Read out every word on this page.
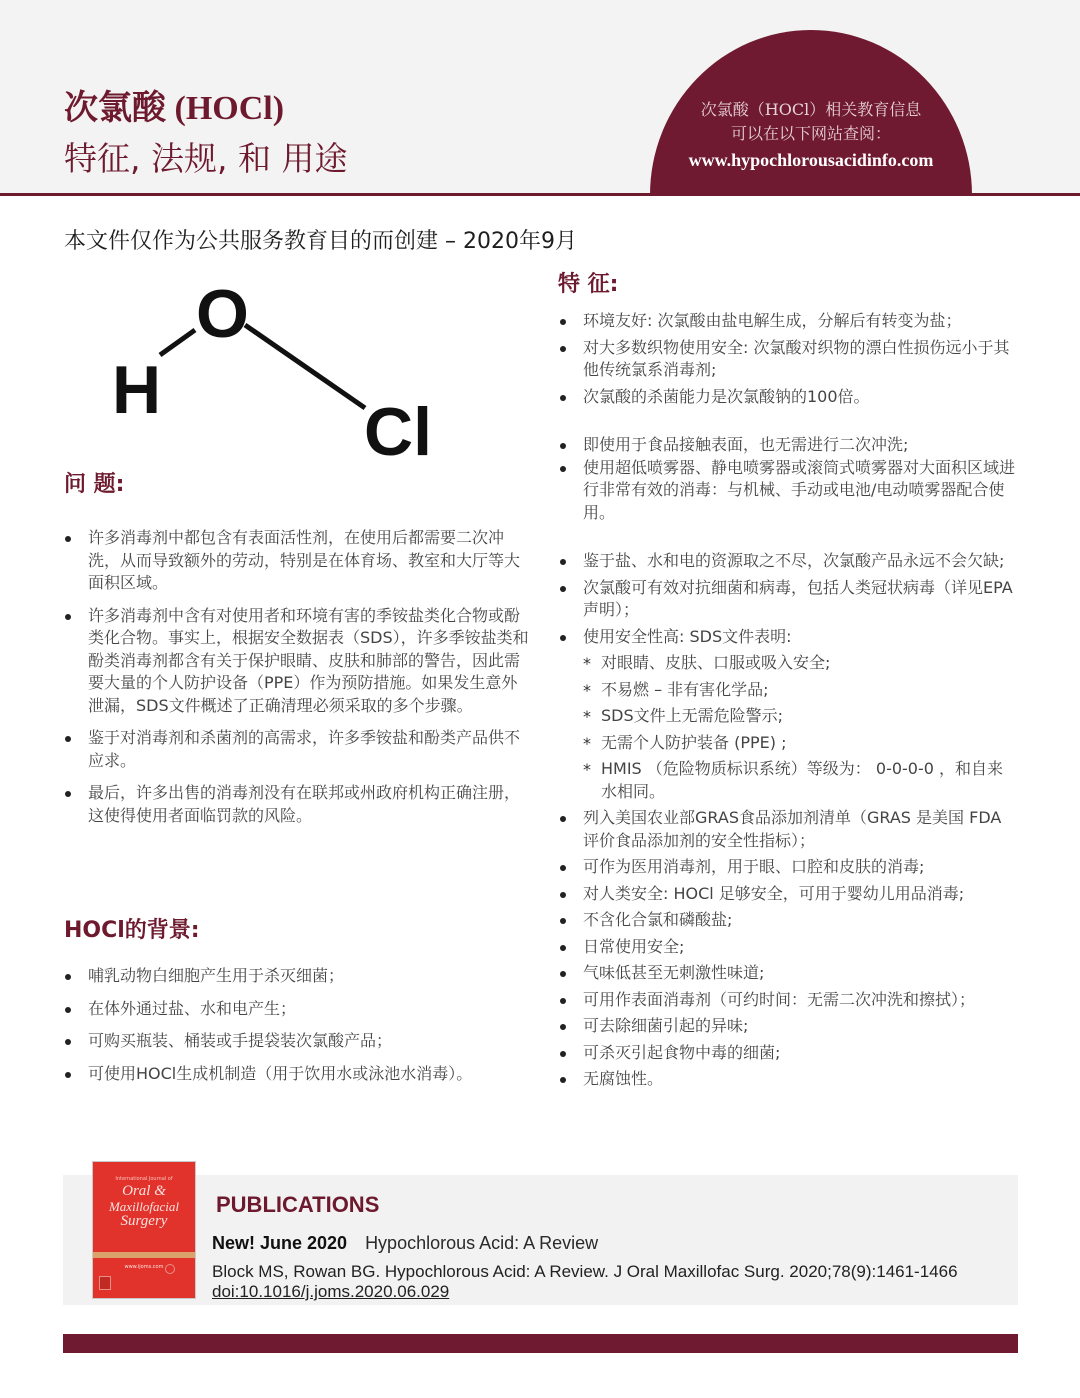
次氯酸 (HOCl)
特征, 法规, 和 用途
次氯酸（HOCl）相关教育信息
可以在以下网站查阅：
www.hypochlorousacidinfo.com
本文件仅作为公共服务教育目的而创建 – 2020年9月
H
O
Cl
问 题:
许多消毒剂中都包含有表面活性剂，在使用后都需要二次冲洗，从而导致额外的劳动，特别是在体育场、教室和大厅等大面积区域。
许多消毒剂中含有对使用者和环境有害的季铵盐类化合物或酚类化合物。事实上，根据安全数据表（SDS），许多季铵盐类和酚类消毒剂都含有关于保护眼睛、皮肤和肺部的警告，因此需要大量的个人防护设备（PPE）作为预防措施。如果发生意外泄漏，SDS文件概述了正确清理必须采取的多个步骤。
鉴于对消毒剂和杀菌剂的高需求，许多季铵盐和酚类产品供不应求。
最后，许多出售的消毒剂没有在联邦或州政府机构正确注册，这使得使用者面临罚款的风险。
HOCl的背景:
哺乳动物白细胞产生用于杀灭细菌；
在体外通过盐、水和电产生；
可购买瓶装、桶装或手提袋装次氯酸产品；
可使用HOCl生成机制造（用于饮用水或泳池水消毒）。
特 征:
环境友好: 次氯酸由盐电解生成，分解后有转变为盐；
对大多数织物使用安全: 次氯酸对织物的漂白性损伤远小于其他传统氯系消毒剂;
次氯酸的杀菌能力是次氯酸钠的100倍。
即使用于食品接触表面，也无需进行二次冲洗;
使用超低喷雾器、静电喷雾器或滚筒式喷雾器对大面积区域进行非常有效的消毒：与机械、手动或电池/电动喷雾器配合使用。
鉴于盐、水和电的资源取之不尽，次氯酸产品永远不会欠缺;
次氯酸可有效对抗细菌和病毒，包括人类冠状病毒（详见EPA声明）；
使用安全性高: SDS文件表明:
* 对眼睛、皮肤、口服或吸入安全;
* 不易燃 – 非有害化学品;
* SDS文件上无需危险警示;
* 无需个人防护装备 (PPE) ;
* HMIS （危险物质标识系统）等级为： 0-0-0-0 ，和自来水相同。
列入美国农业部GRAS食品添加剂清单（GRAS 是美国 FDA 评价食品添加剂的安全性指标）；
可作为医用消毒剂，用于眼、口腔和皮肤的消毒;
对人类安全: HOCl 足够安全，可用于婴幼儿用品消毒;
不含化合氯和磷酸盐;
日常使用安全;
气味低甚至无刺激性味道;
可用作表面消毒剂（可约时间：无需二次冲洗和擦拭）；
可去除细菌引起的异味;
可杀灭引起食物中毒的细菌;
无腐蚀性。
International Journal of
Oral &
Maxillofacial
Surgery
www.ijoms.com
PUBLICATIONS
New! June 2020 Hypochlorous Acid: A Review
Block MS, Rowan BG. Hypochlorous Acid: A Review. J Oral Maxillofac Surg. 2020;78(9):1461-1466
doi:10.1016/j.joms.2020.06.029
